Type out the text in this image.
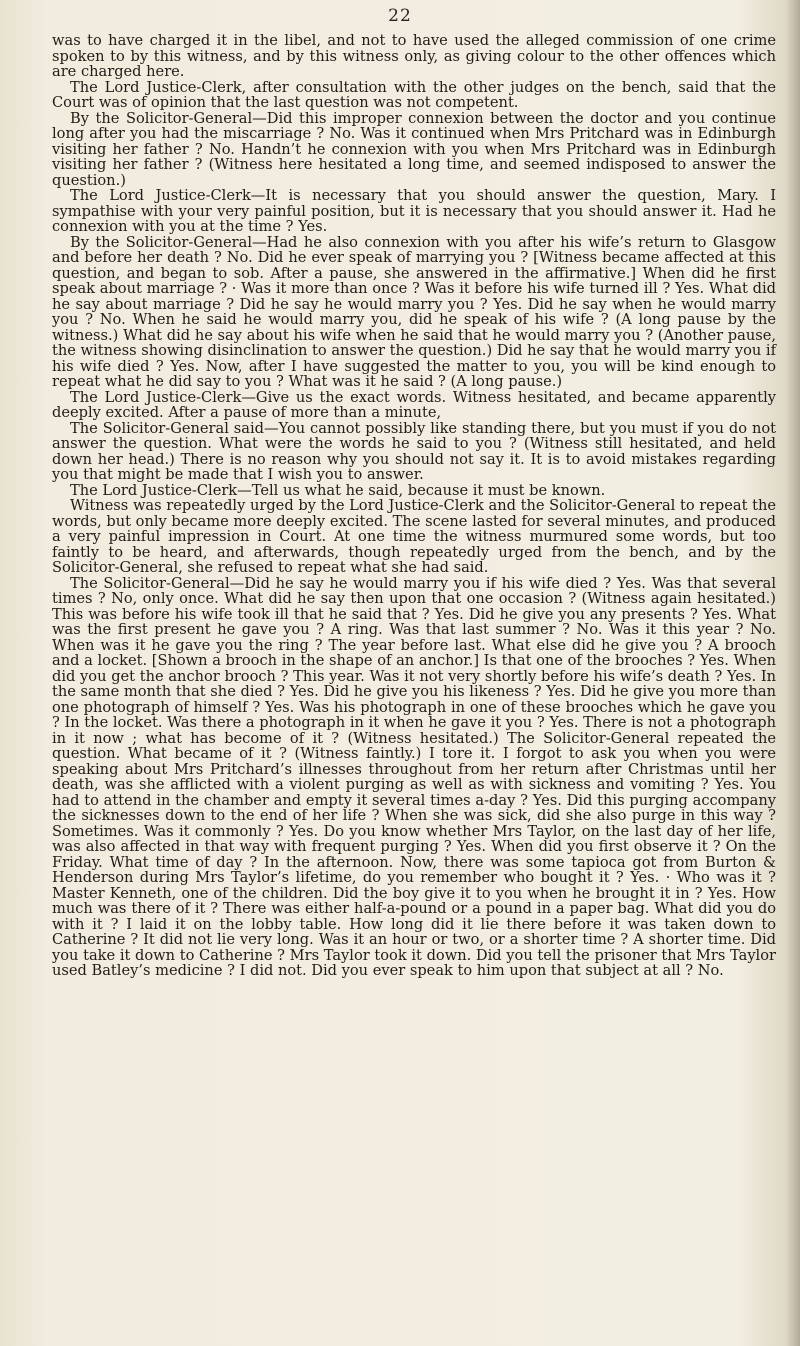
22

was to have charged it in the libel, and not to have used the alleged commission of one crime spoken to by this witness, and by this witness only, as giving colour to the other offences which are charged here.

The Lord Justice-Clerk, after consultation with the other judges on the bench, said that the Court was of opinion that the last question was not competent.

By the Solicitor-General—Did this improper connexion between the doctor and you continue long after you had the miscarriage ? No. Was it continued when Mrs Pritchard was in Edinburgh visiting her father ? No. Handn’t he connexion with you when Mrs Pritchard was in Edinburgh visiting her father ? (Witness here hesitated a long time, and seemed indisposed to answer the question.)

The Lord Justice-Clerk—It is necessary that you should answer the question, Mary. I sympathise with your very painful position, but it is necessary that you should answer it. Had he connexion with you at the time ? Yes.

By the Solicitor-General—Had he also connexion with you after his wife’s return to Glasgow and before her death ? No. Did he ever speak of marrying you ? [Witness became affected at this question, and began to sob. After a pause, she answered in the affirmative.] When did he first speak about marriage ? · Was it more than once ? Was it before his wife turned ill ? Yes. What did he say about marriage ? Did he say he would marry you ? Yes. Did he say when he would marry you ? No. When he said he would marry you, did he speak of his wife ? (A long pause by the witness.) What did he say about his wife when he said that he would marry you ? (Another pause, the witness showing disinclination to answer the question.) Did he say that he would marry you if his wife died ? Yes. Now, after I have suggested the matter to you, you will be kind enough to repeat what he did say to you ? What was it he said ? (A long pause.)

The Lord Justice-Clerk—Give us the exact words. Witness hesitated, and became apparently deeply excited. After a pause of more than a minute,

The Solicitor-General said—You cannot possibly like standing there, but you must if you do not answer the question. What were the words he said to you ? (Witness still hesitated, and held down her head.) There is no reason why you should not say it. It is to avoid mistakes regarding you that might be made that I wish you to answer.

The Lord Justice-Clerk—Tell us what he said, because it must be known.

Witness was repeatedly urged by the Lord Justice-Clerk and the Solicitor-General to repeat the words, but only became more deeply excited. The scene lasted for several minutes, and produced a very painful impression in Court. At one time the witness murmured some words, but too faintly to be heard, and afterwards, though repeatedly urged from the bench, and by the Solicitor-General, she refused to repeat what she had said.

The Solicitor-General—Did he say he would marry you if his wife died ? Yes. Was that several times ? No, only once. What did he say then upon that one occasion ? (Witness again hesitated.) This was before his wife took ill that he said that ? Yes. Did he give you any presents ? Yes. What was the first present he gave you ? A ring. Was that last summer ? No. Was it this year ? No. When was it he gave you the ring ? The year before last. What else did he give you ? A brooch and a locket. [Shown a brooch in the shape of an anchor.] Is that one of the brooches ? Yes. When did you get the anchor brooch ? This year. Was it not very shortly before his wife’s death ? Yes. In the same month that she died ? Yes. Did he give you his likeness ? Yes. Did he give you more than one photograph of himself ? Yes. Was his photograph in one of these brooches which he gave you ? In the locket. Was there a photograph in it when he gave it you ? Yes. There is not a photograph in it now ; what has become of it ? (Witness hesitated.) The Solicitor-General repeated the question. What became of it ? (Witness faintly.) I tore it. I forgot to ask you when you were speaking about Mrs Pritchard’s illnesses throughout from her return after Christmas until her death, was she afflicted with a violent purging as well as with sickness and vomiting ? Yes. You had to attend in the chamber and empty it several times a-day ? Yes. Did this purging accompany the sicknesses down to the end of her life ? When she was sick, did she also purge in this way ? Sometimes. Was it commonly ? Yes. Do you know whether Mrs Taylor, on the last day of her life, was also affected in that way with frequent purging ? Yes. When did you first observe it ? On the Friday. What time of day ? In the afternoon. Now, there was some tapioca got from Burton & Henderson during Mrs Taylor’s lifetime, do you remember who bought it ? Yes. · Who was it ? Master Kenneth, one of the children. Did the boy give it to you when he brought it in ? Yes. How much was there of it ? There was either half-a-pound or a pound in a paper bag. What did you do with it ? I laid it on the lobby table. How long did it lie there before it was taken down to Catherine ? It did not lie very long. Was it an hour or two, or a shorter time ? A shorter time. Did you take it down to Catherine ? Mrs Taylor took it down. Did you tell the prisoner that Mrs Taylor used Batley’s medicine ? I did not. Did you ever speak to him upon that subject at all ? No.
